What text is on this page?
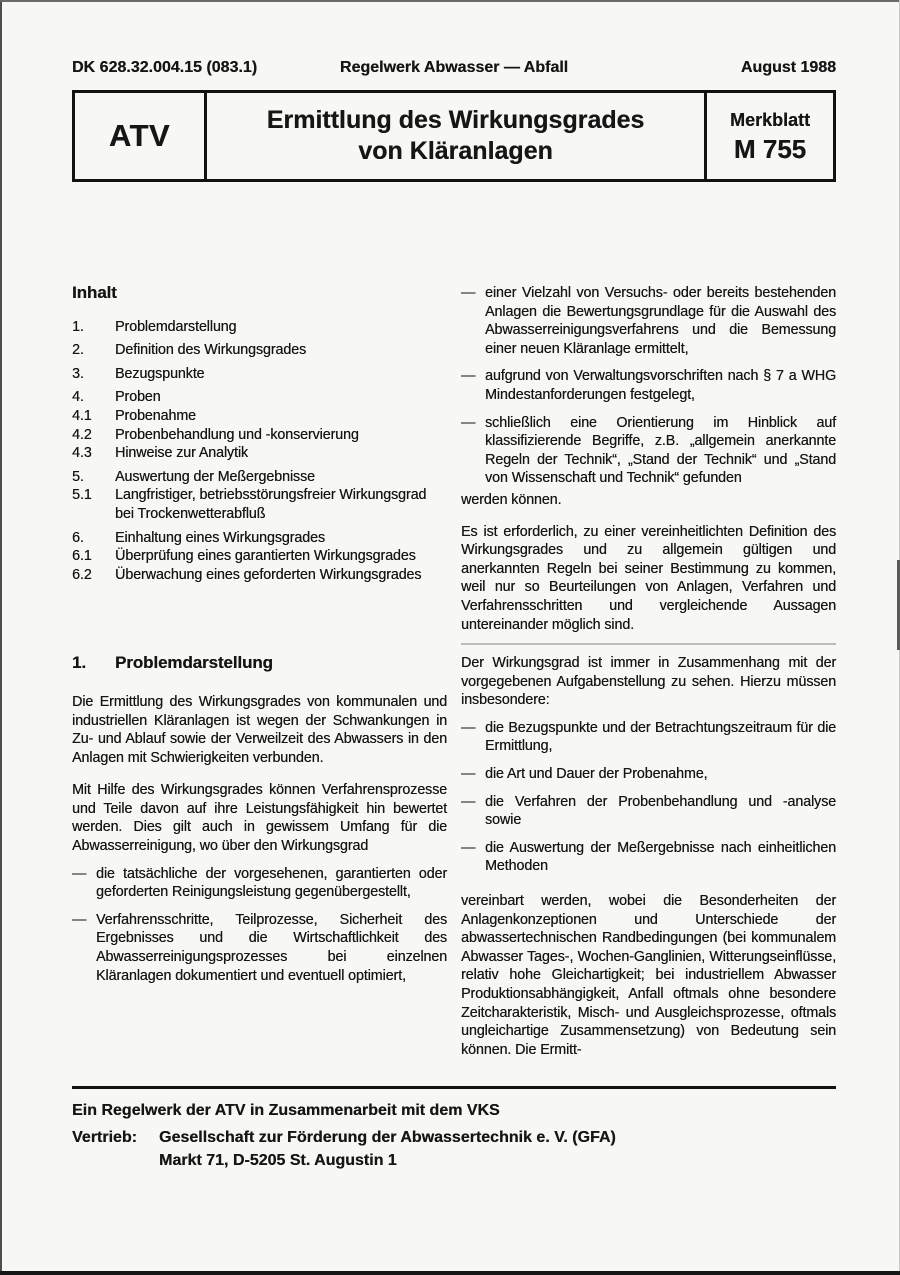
DK 628.32.004.15 (083.1)	Regelwerk Abwasser — Abfall	August 1988
ATV	Ermittlung des Wirkungsgrades
von Kläranlagen
Merkblatt
M 755
Inhalt
1.	Problemdarstellung
2.	Definition des Wirkungsgrades
3.	Bezugspunkte
4.	Proben
4.1	Probenahme
4.2	Probenbehandlung und -konservierung
4.3	Hinweise zur Analytik
5.	Auswertung der Meßergebnisse
5.1	Langfristiger, betriebsstörungsfreier Wirkungsgrad bei Trockenwetterabfluß
6.	Einhaltung eines Wirkungsgrades
6.1	Überprüfung eines garantierten Wirkungsgrades
6.2	Überwachung eines geforderten Wirkungsgrades
1.	Problemdarstellung

Die Ermittlung des Wirkungsgrades von kommunalen und industriellen Kläranlagen ist wegen der Schwankungen in Zu- und Ablauf sowie der Verweilzeit des Abwassers in den Anlagen mit Schwierigkeiten verbunden.

Mit Hilfe des Wirkungsgrades können Verfahrensprozesse und Teile davon auf ihre Leistungsfähigkeit hin bewertet werden. Dies gilt auch in gewissem Umfang für die Abwasserreinigung, wo über den Wirkungsgrad

— die tatsächliche der vorgesehenen, garantierten oder geforderten Reinigungsleistung gegenübergestellt,
— Verfahrensschritte, Teilprozesse, Sicherheit des Ergebnisses und die Wirtschaftlichkeit des Abwasserreinigungsprozesses bei einzelnen Kläranlagen dokumentiert und eventuell optimiert,
— einer Vielzahl von Versuchs- oder bereits bestehenden Anlagen die Bewertungsgrundlage für die Auswahl des Abwasserreinigungsverfahrens und die Bemessung einer neuen Kläranlage ermittelt,
— aufgrund von Verwaltungsvorschriften nach § 7 a WHG Mindestanforderungen festgelegt,
— schließlich eine Orientierung im Hinblick auf klassifizierende Begriffe, z.B. „allgemein anerkannte Regeln der Technik“, „Stand der Technik“ und „Stand von Wissenschaft und Technik“ gefunden
werden können.

Es ist erforderlich, zu einer vereinheitlichten Definition des Wirkungsgrades und zu allgemein gültigen und anerkannten Regeln bei seiner Bestimmung zu kommen, weil nur so Beurteilungen von Anlagen, Verfahren und Verfahrensschritten und vergleichende Aussagen untereinander möglich sind.

Der Wirkungsgrad ist immer in Zusammenhang mit der vorgegebenen Aufgabenstellung zu sehen. Hierzu müssen insbesondere:

— die Bezugspunkte und der Betrachtungszeitraum für die Ermittlung,
— die Art und Dauer der Probenahme,
— die Verfahren der Probenbehandlung und -analyse sowie
— die Auswertung der Meßergebnisse nach einheitlichen Methoden

vereinbart werden, wobei die Besonderheiten der Anlagenkonzeptionen und Unterschiede der abwassertechnischen Randbedingungen (bei kommunalem Abwasser Tages-, Wochen-Ganglinien, Witterungseinflüsse, relativ hohe Gleichartigkeit; bei industriellem Abwasser Produktionsabhängigkeit, Anfall oftmals ohne besondere Zeitcharakteristik, Misch- und Ausgleichsprozesse, oftmals ungleichartige Zusammensetzung) von Bedeutung sein können. Die Ermitt-

Ein Regelwerk der ATV in Zusammenarbeit mit dem VKS
Vertrieb:	Gesellschaft zur Förderung der Abwassertechnik e. V. (GFA)
Markt 71, D-5205 St. Augustin 1
